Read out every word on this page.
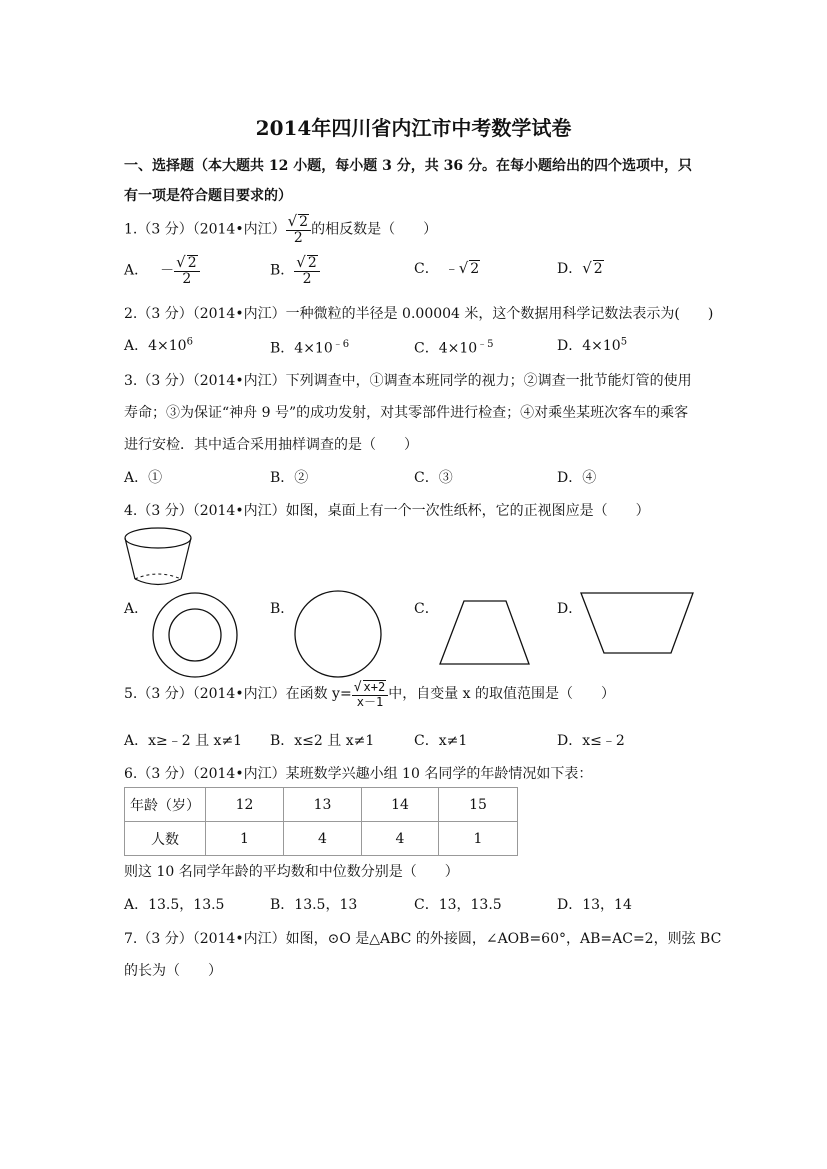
2014年四川省内江市中考数学试卷
一、选择题（本大题共 12 小题，每小题 3 分，共 36 分。在每小题给出的四个选项中，只
有一项是符合题目要求的）
1.（3 分）（2014•内江） $\frac{√ 2}{2}$ 的相反数是（　　）
A． － $\frac{√ 2}{2}$	B． $\frac{√ 2}{2}$	C． ﹣√ 2	D．√ 2
2.（3 分）（2014•内江）一种微粒的半径是 0.00004 米，这个数据用科学记数法表示为(　　)
A．$4\times 10^6$	B．$4\times 10^{﹣6}$	C．$4\times 10^{﹣5}$	D．$4\times 10^5$
3.（3 分）（2014•内江）下列调查中，①调查本班同学的视力；②调查一批节能灯管的使用
寿命；③为保证“神舟 9 号”的成功发射，对其零部件进行检查；④对乘坐某班次客车的乘客
进行安检．其中适合采用抽样调查的是（　　）
A．①	B．②	C．③	D．④
4.（3 分）（2014•内江）如图，桌面上有一个一次性纸杯，它的正视图应是（　　）
A．	B．	C．	D．
5.（3 分）（2014•内江）在函数 $y= \frac{√ x+2}{x-1}$ 中，自变量 x 的取值范围是（　　）
A．x≥﹣2 且 x≠1 B．x≤2 且 x≠1	C．x≠1	D．x≤﹣2
6.（3 分）（2014•内江）某班数学兴趣小组 10 名同学的年龄情况如下表：
年龄（岁）	12	13	14	15
人数	1	4	4	1
则这 10 名同学年龄的平均数和中位数分别是（　　）
A．13.5，13.5	B．13.5，13	C．13，13.5	D．13，14
7.（3 分）（2014•内江）如图，⊙O 是△ABC 的外接圆，∠AOB=60°，AB=AC=2，则弦 BC
的长为（　　）
